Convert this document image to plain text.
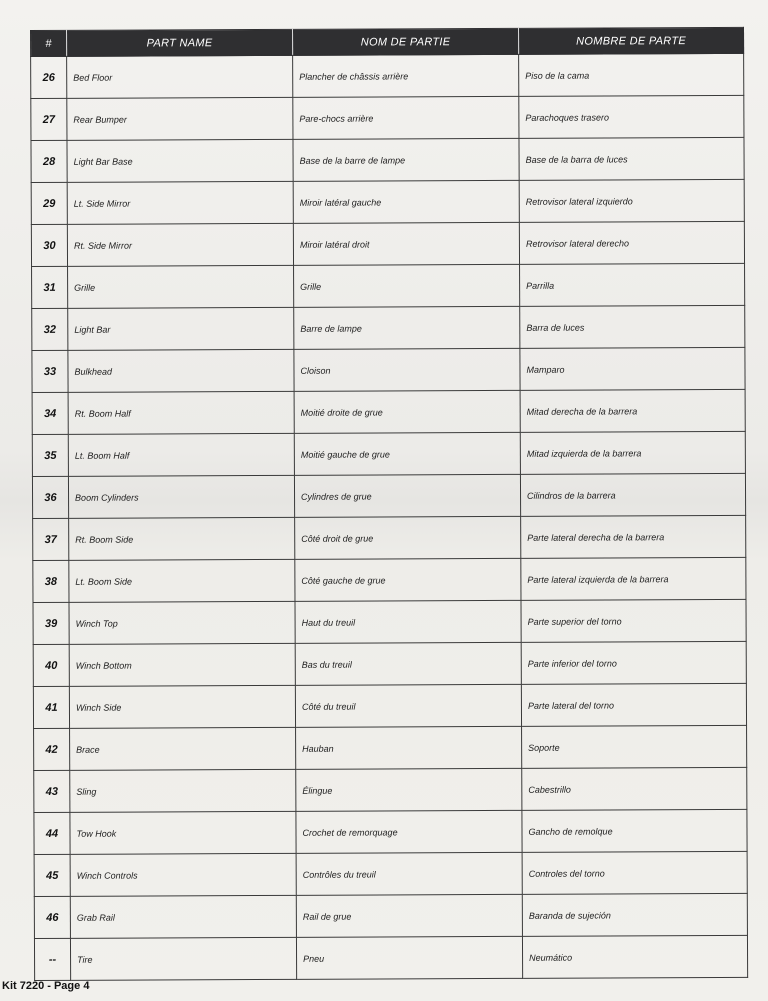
#	PART NAME	NOM DE PARTIE	NOMBRE DE PARTE
26	Bed Floor	Plancher de châssis arrière	Piso de la cama
27	Rear Bumper	Pare-chocs arrière	Parachoques trasero
28	Light Bar Base	Base de la barre de lampe	Base de la barra de luces
29	Lt. Side Mirror	Miroir latéral gauche	Retrovisor lateral izquierdo
30	Rt. Side Mirror	Miroir latéral droit	Retrovisor lateral derecho
31	Grille	Grille	Parrilla
32	Light Bar	Barre de lampe	Barra de luces
33	Bulkhead	Cloison	Mamparo
34	Rt. Boom Half	Moitié droite de grue	Mitad derecha de la barrera
35	Lt. Boom Half	Moitié gauche de grue	Mitad izquierda de la barrera
36	Boom Cylinders	Cylindres de grue	Cilindros de la barrera
37	Rt. Boom Side	Côté droit de grue	Parte lateral derecha de la barrera
38	Lt. Boom Side	Côté gauche de grue	Parte lateral izquierda de la barrera
39	Winch Top	Haut du treuil	Parte superior del torno
40	Winch Bottom	Bas du treuil	Parte inferior del torno
41	Winch Side	Côté du treuil	Parte lateral del torno
42	Brace	Hauban	Soporte
43	Sling	Élingue	Cabestrillo
44	Tow Hook	Crochet de remorquage	Gancho de remolque
45	Winch Controls	Contrôles du treuil	Controles del torno
46	Grab Rail	Rail de grue	Baranda de sujeción
--	Tire	Pneu	Neumático
Kit 7220 - Page 4
